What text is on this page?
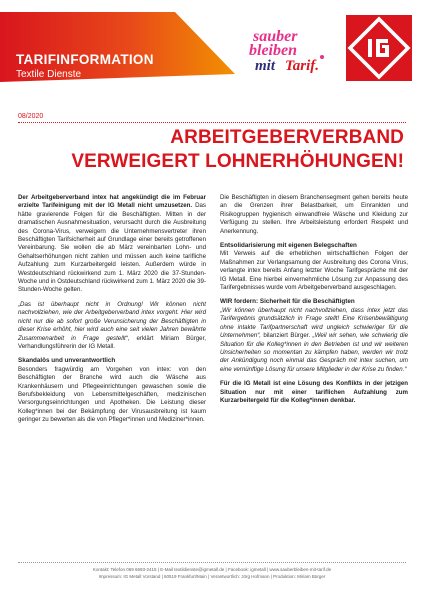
TARIFINFORMATION
Textile Dienste
sauber
bleiben
mit Tarif.
08/2020
ARBEITGEBERVERBAND
VERWEIGERT LOHNERHÖHUNGEN!

Der Arbeitgeberverband intex hat angekündigt die im Februar erzielte Tarifeinigung mit der IG Metall nicht umzusetzen. Das hätte gravierende Folgen für die Beschäftigten. Mitten in der dramatischen Ausnahmesituation, verursacht durch die Ausbreitung des Corona-Virus, verweigern die Unternehmensvertreter ihren Beschäftigten Tarifsicherheit auf Grundlage einer bereits getroffenen Vereinbarung. Sie wollen die ab März vereinbarten Lohn- und Gehaltserhöhungen nicht zahlen und müssen auch keine tarifliche Aufzahlung zum Kurzarbeitergeld leisten. Außerdem würde in Westdeutschland rückwirkend zum 1. März 2020 die 37-Stunden-Woche und in Ostdeutschland rückwirkend zum 1. März 2020 die 39-Stunden-Woche gelten.

„Das ist überhaupt nicht in Ordnung! Wir können nicht nachvollziehen, wie der Arbeitgeberverband intex vorgeht. Hier wird nicht nur die ab sofort große Verunsicherung der Beschäftigten in dieser Krise erhöht, hier wird auch eine seit vielen Jahren bewährte Zusammenarbeit in Frage gestellt“, erklärt Miriam Bürger, Verhandlungsführerin der IG Metall.

Skandalös und unverantwortlich

Besonders fragwürdig am Vorgehen von intex: von den Beschäftigten der Branche wird auch die Wäsche aus Krankenhäusern und Pflegeeinrichtungen gewaschen sowie die Berufsbekleidung von Lebensmittelgeschäften, medizinischen Versorgungseinrichtungen und Apotheken. Die Leistung dieser Kolleg*innen bei der Bekämpfung der Virusausbreitung ist kaum geringer zu bewerten als die von Pfleger*innen und Mediziner*innen.

Die Beschäftigten in diesem Branchensegment gehen bereits heute an die Grenzen ihrer Belastbarkeit, um Einrankten und Risikogruppen hygienisch einwandfreie Wäsche und Kleidung zur Verfügung zu stellen. Ihre Arbeitsleistung erfordert Respekt und Anerkennung.

Entsolidarisierung mit eigenen Belegschaften

Mit Verweis auf die erheblichen wirtschaftlichen Folgen der Maßnahmen zur Verlangsamung der Ausbreitung des Corona Virus, verlangte intex bereits Anfang letzter Woche Tarifgespräche mit der IG Metall. Eine hierbei einvernehmliche Lösung zur Anpassung des Tarifergebnisses wurde vom Arbeitgeberverband ausgeschlagen.

WIR fordern: Sicherheit für die Beschäftigten

„Wir können überhaupt nicht nachvollziehen, dass intex jetzt das Tarifergebnis grundsätzlich in Frage stellt! Eine Krisenbewältigung ohne intakte Tarifpartnerschaft wird ungleich schwieriger für die Unternehmen“, bilanziert Bürger. „Weil wir sehen, wie schwierig die Situation für die Kolleg*innen in den Betrieben ist und wir weiteren Unsicherheiten so momentan zu kämpfen haben, werden wir trotz der Ankündigung noch einmal das Gespräch mit intex suchen, um eine vernünftige Lösung für unsere Mitglieder in der Krise zu finden.“

Für die IG Metall ist eine Lösung des Konflikts in der jetzigen Situation nur mit einer tariflichen Aufzahlung zum Kurzarbeitergeld für die Kolleg*innen denkbar.

Kontakt: Telefon 069 6693-2415 | E-Mail textildienste@igmetall.de | Facebook: igmetall | www.sauberbleiben-mit-tarif.de
Impressum: IG Metall Vorstand | 60519 Frankfurt/Main | Verantwortlich: Jörg Hofmann | Produktion: Miriam Bürger
